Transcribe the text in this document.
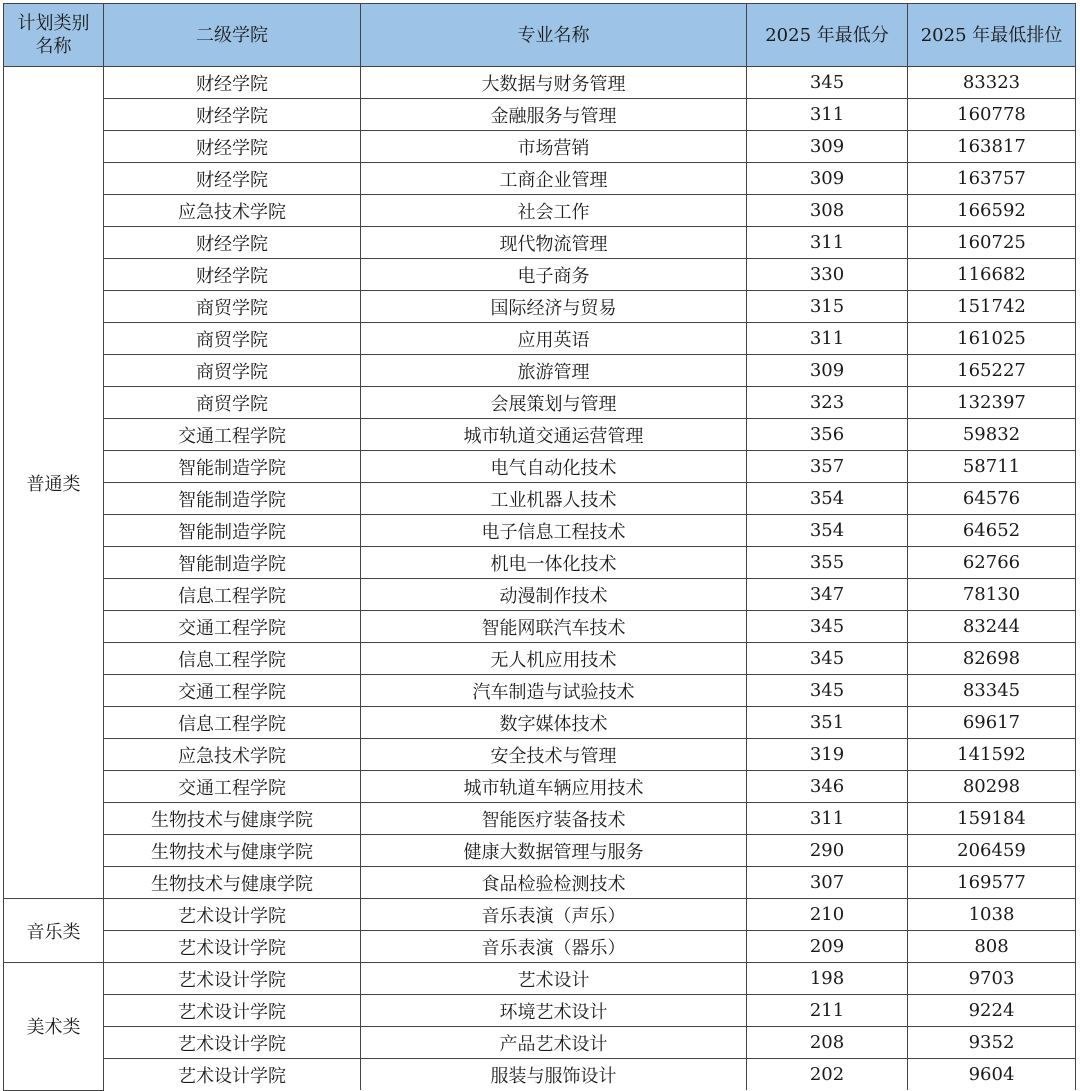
计划类别
名称	二级学院	专业名称	2025 年最低分	2025 年最低排位
普通类	财经学院	大数据与财务管理	345	83323
	财经学院	金融服务与管理	311	160778
	财经学院	市场营销	309	163817
	财经学院	工商企业管理	309	163757
	应急技术学院	社会工作	308	166592
	财经学院	现代物流管理	311	160725
	财经学院	电子商务	330	116682
	商贸学院	国际经济与贸易	315	151742
	商贸学院	应用英语	311	161025
	商贸学院	旅游管理	309	165227
	商贸学院	会展策划与管理	323	132397
	交通工程学院	城市轨道交通运营管理	356	59832
	智能制造学院	电气自动化技术	357	58711
	智能制造学院	工业机器人技术	354	64576
	智能制造学院	电子信息工程技术	354	64652
	智能制造学院	机电一体化技术	355	62766
	信息工程学院	动漫制作技术	347	78130
	交通工程学院	智能网联汽车技术	345	83244
	信息工程学院	无人机应用技术	345	82698
	交通工程学院	汽车制造与试验技术	345	83345
	信息工程学院	数字媒体技术	351	69617
	应急技术学院	安全技术与管理	319	141592
	交通工程学院	城市轨道车辆应用技术	346	80298
	生物技术与健康学院	智能医疗装备技术	311	159184
	生物技术与健康学院	健康大数据管理与服务	290	206459
	生物技术与健康学院	食品检验检测技术	307	169577
音乐类	艺术设计学院	音乐表演（声乐）	210	1038
	艺术设计学院	音乐表演（器乐）	209	808
美术类	艺术设计学院	艺术设计	198	9703
	艺术设计学院	环境艺术设计	211	9224
	艺术设计学院	产品艺术设计	208	9352
	艺术设计学院	服装与服饰设计	202	9604
